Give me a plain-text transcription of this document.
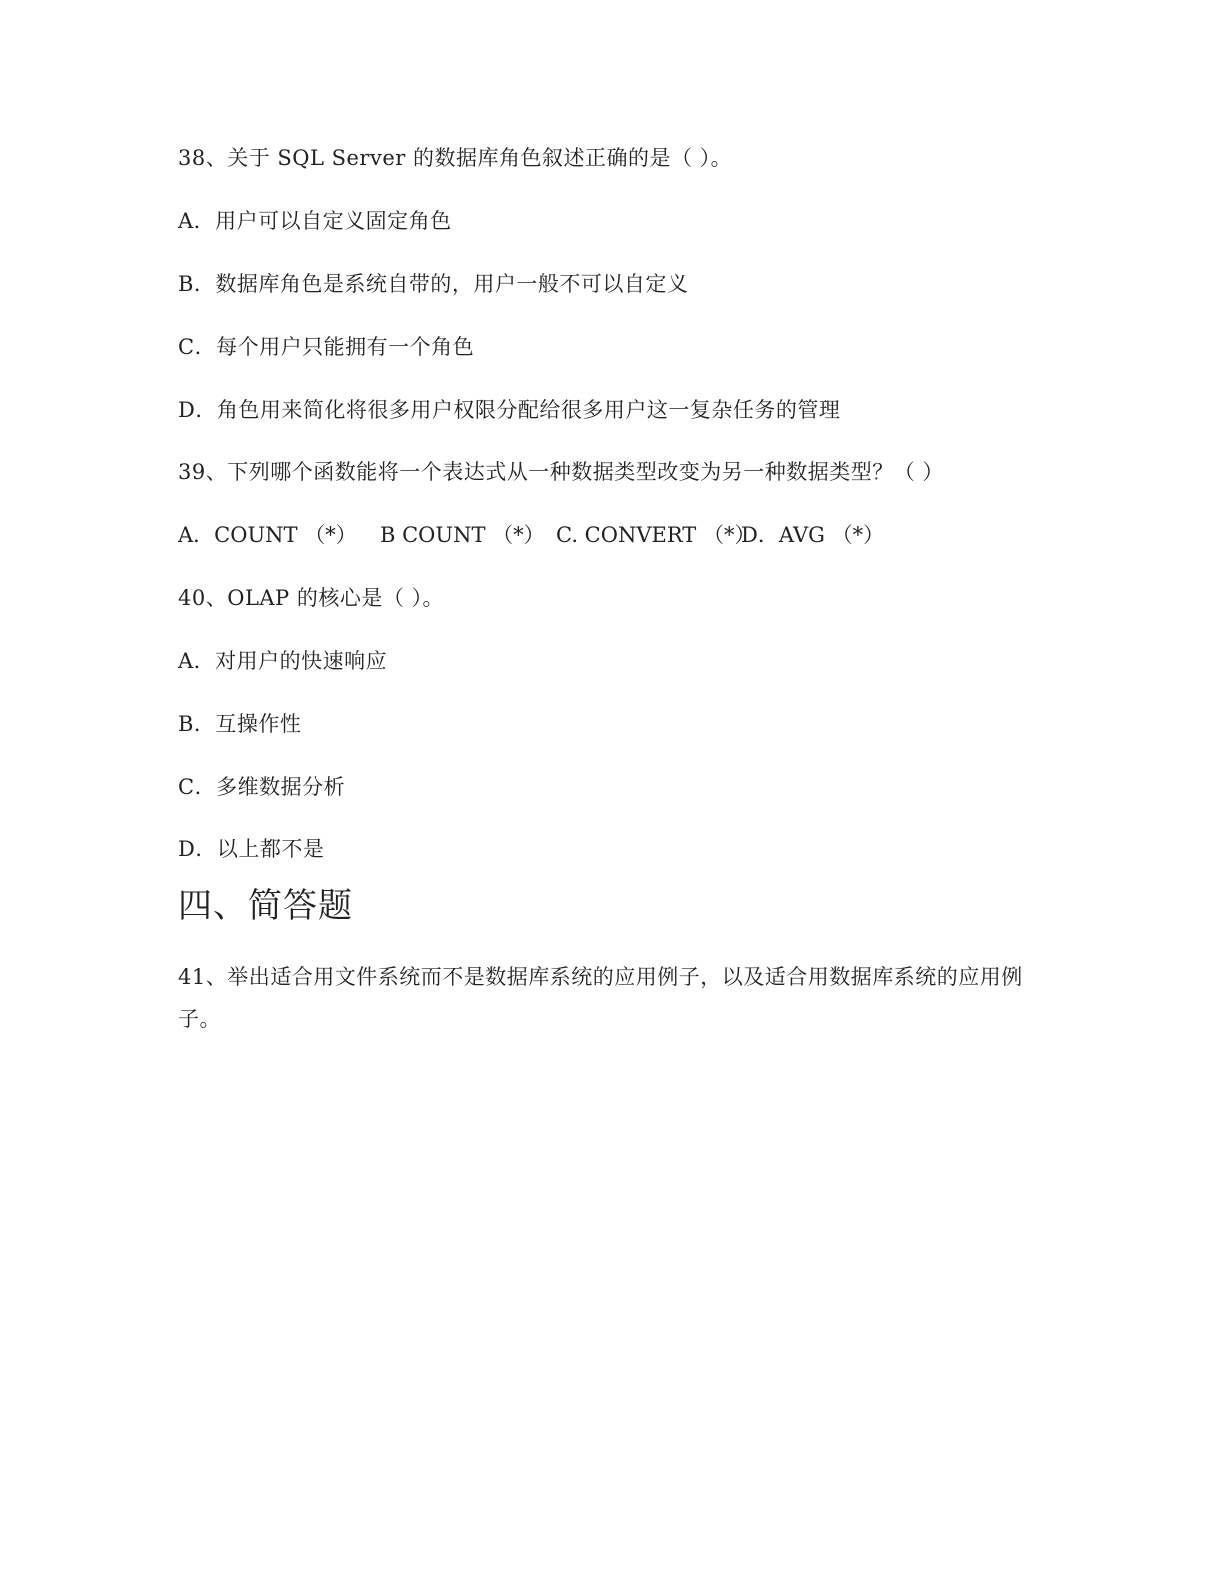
38、关于 SQL Server 的数据库角色叙述正确的是（ ）。
A．用户可以自定义固定角色
B．数据库角色是系统自带的，用户一般不可以自定义
C．每个用户只能拥有一个角色
D．角色用来简化将很多用户权限分配给很多用户这一复杂任务的管理
39、下列哪个函数能将一个表达式从一种数据类型改变为另一种数据类型？（ ）
A．COUNT （*） B COUNT （*） C. CONVERT （*）
D．AVG （*）
40、OLAP 的核心是（ ）。
A．对用户的快速响应
B．互操作性
C．多维数据分析
D．以上都不是
四、简答题
41、举出适合用文件系统而不是数据库系统的应用例子，以及适合用数据库系统的应用例子。
